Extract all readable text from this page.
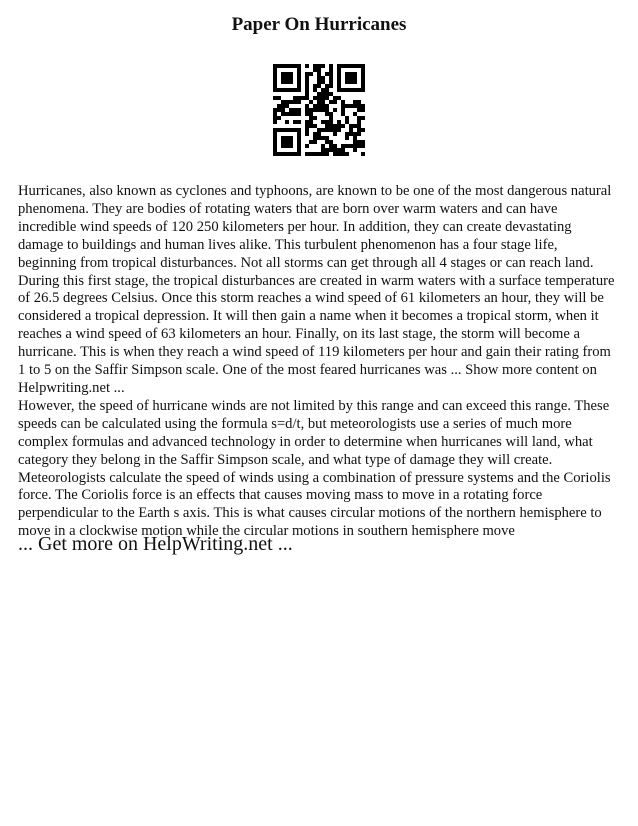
Paper On Hurricanes

Hurricanes, also known as cyclones and typhoons, are known to be one of the most dangerous natural phenomena. They are bodies of rotating waters that are born over warm waters and can have incredible wind speeds of 120 250 kilometers per hour. In addition, they can create devastating damage to buildings and human lives alike. This turbulent phenomenon has a four stage life, beginning from tropical disturbances. Not all storms can get through all 4 stages or can reach land. During this first stage, the tropical disturbances are created in warm waters with a surface temperature of 26.5 degrees Celsius. Once this storm reaches a wind speed of 61 kilometers an hour, they will be considered a tropical depression. It will then gain a name when it becomes a tropical storm, when it reaches a wind speed of 63 kilometers an hour. Finally, on its last stage, the storm will become a hurricane. This is when they reach a wind speed of 119 kilometers per hour and gain their rating from 1 to 5 on the Saffir Simpson scale. One of the most feared hurricanes was ... Show more content on Helpwriting.net ...

However, the speed of hurricane winds are not limited by this range and can exceed this range. These speeds can be calculated using the formula s=d/t, but meteorologists use a series of much more complex formulas and advanced technology in order to determine when hurricanes will land, what category they belong in the Saffir Simpson scale, and what type of damage they will create. Meteorologists calculate the speed of winds using a combination of pressure systems and the Coriolis force. The Coriolis force is an effects that causes moving mass to move in a rotating force perpendicular to the Earth s axis. This is what causes circular motions of the northern hemisphere to move in a clockwise motion while the circular motions in southern hemisphere move

... Get more on HelpWriting.net ...
